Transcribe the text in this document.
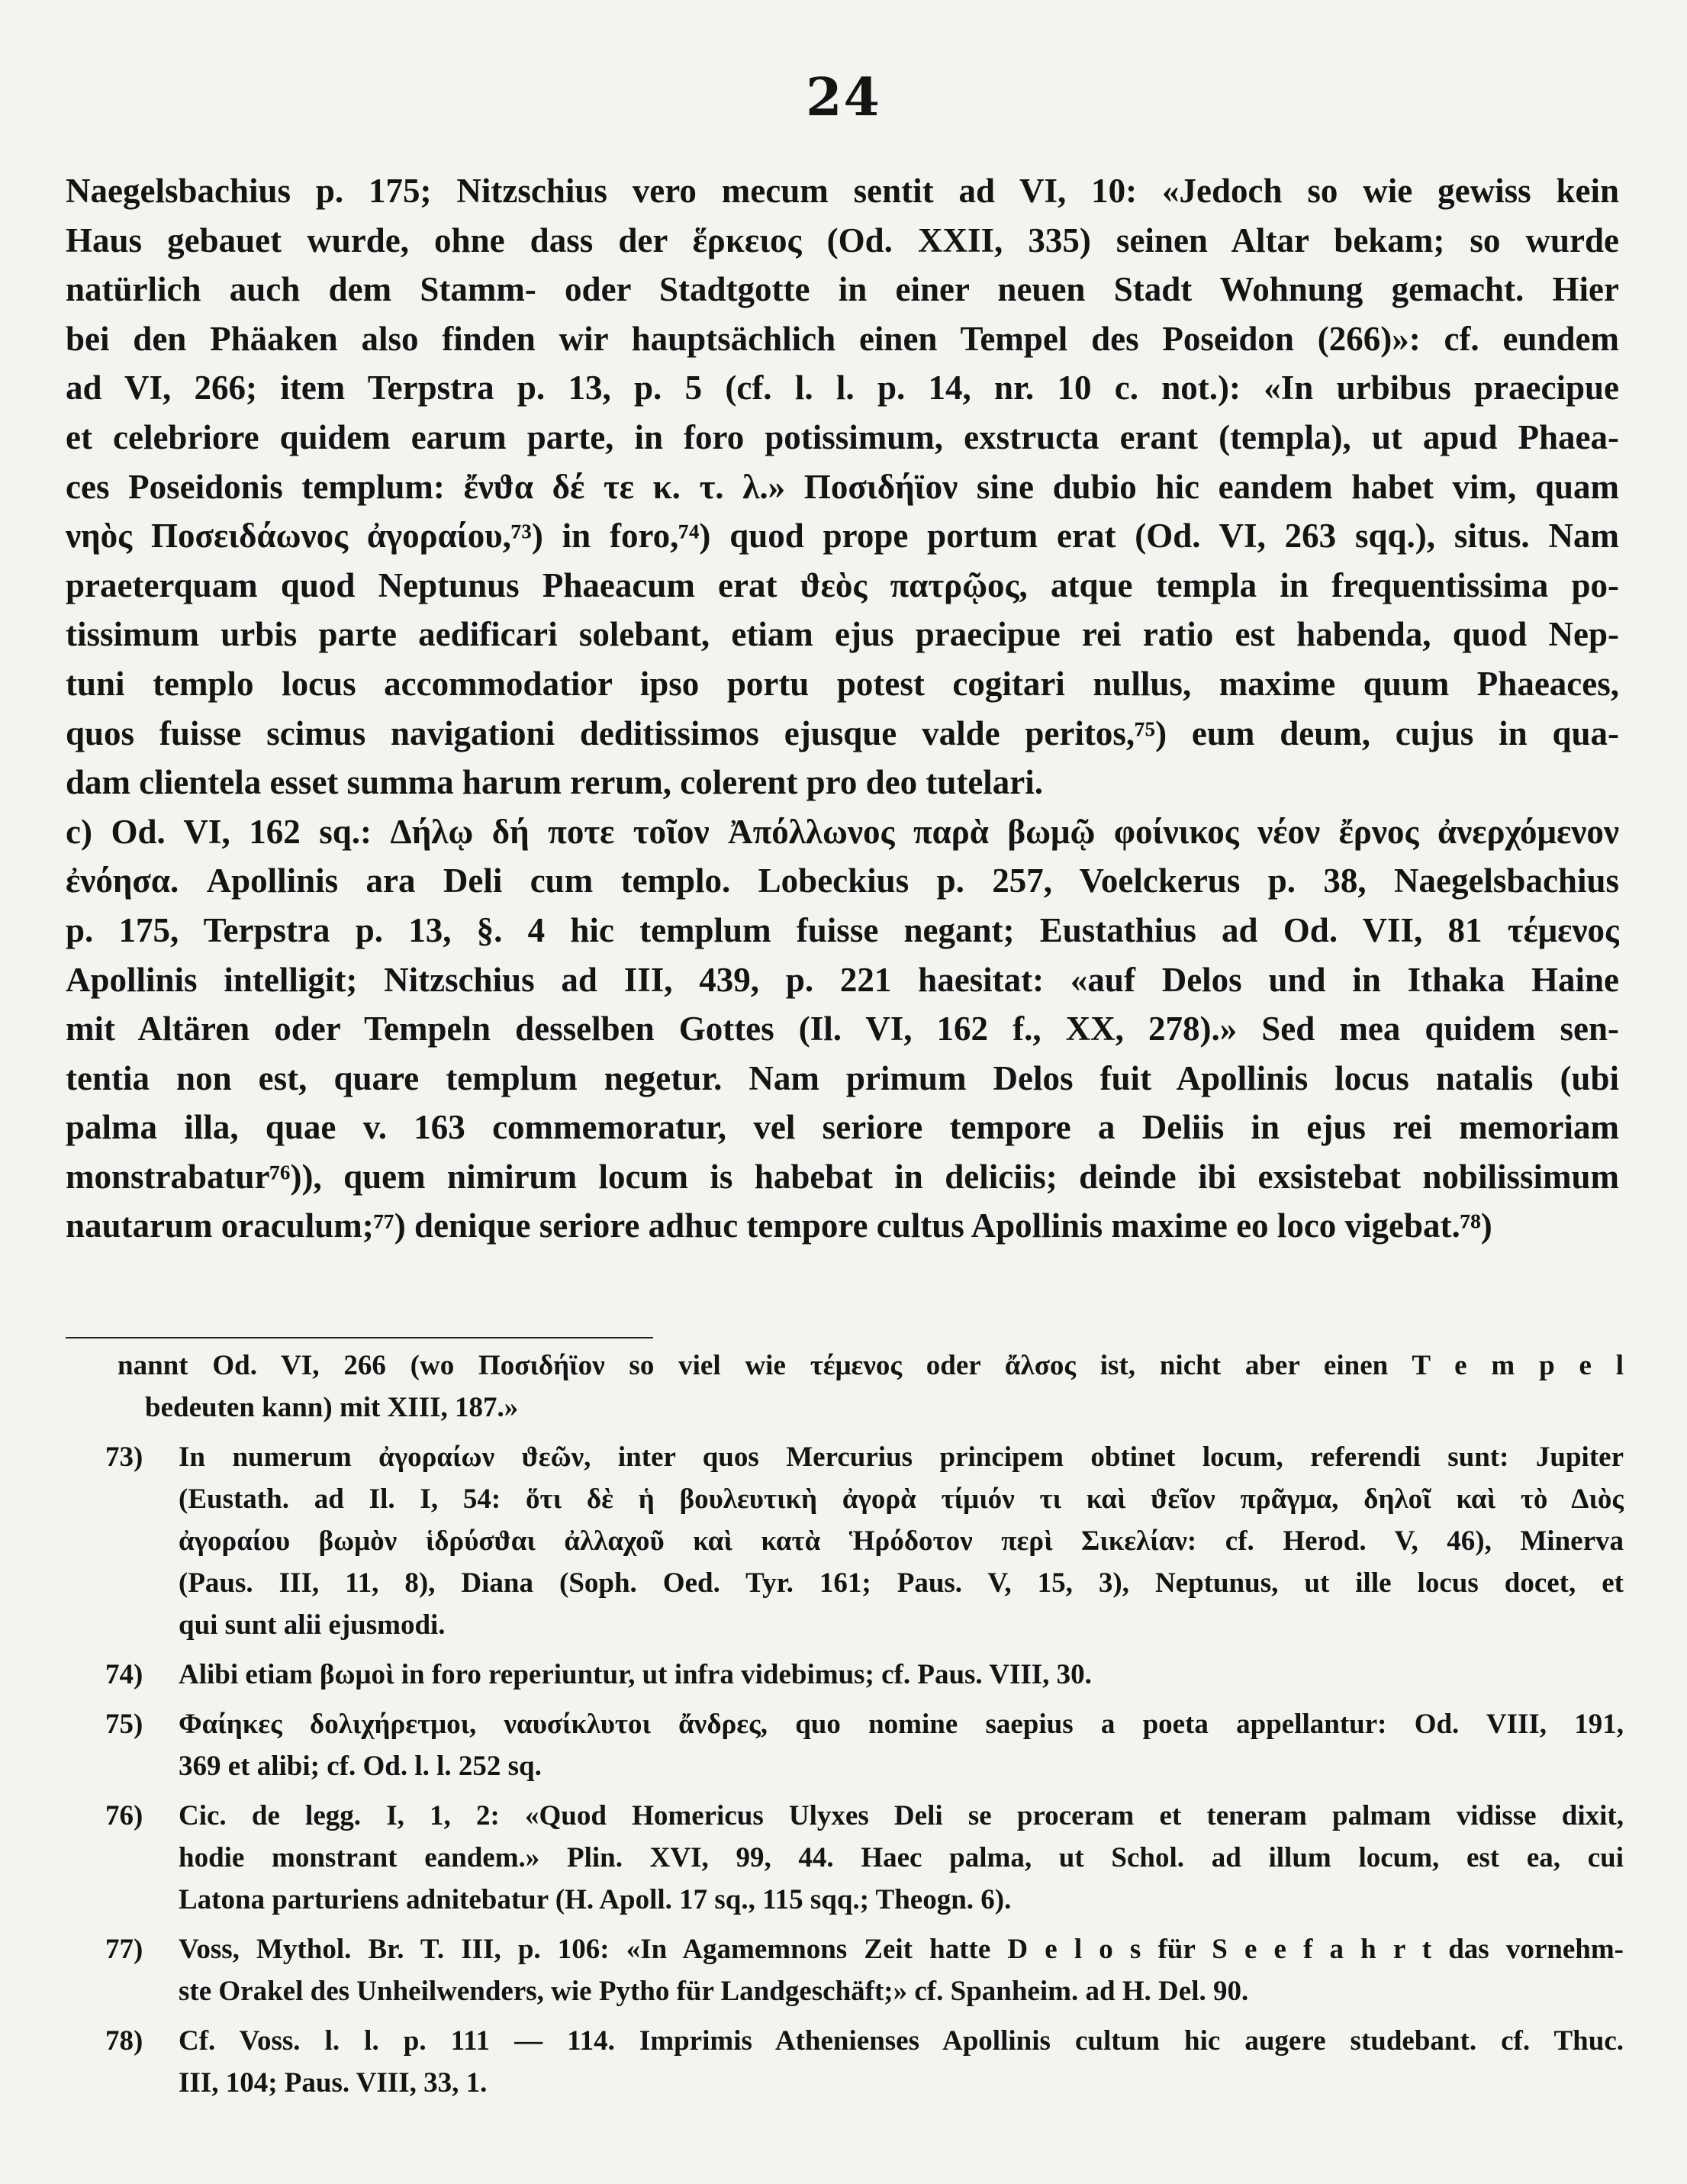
24
Naegelsbachius p. 175; Nitzschius vero mecum sentit ad VI, 10: «Jedoch so wie gewiss kein
Haus gebauet wurde, ohne dass der ἕρκειος (Od. XXII, 335) seinen Altar bekam; so wurde
natürlich auch dem Stamm- oder Stadtgotte in einer neuen Stadt Wohnung gemacht. Hier
bei den Phäaken also finden wir hauptsächlich einen Tempel des Poseidon (266)»: cf. eundem
ad VI, 266; item Terpstra p. 13, p. 5 (cf. l. l. p. 14, nr. 10 c. not.): «In urbibus praecipue
et celebriore quidem earum parte, in foro potissimum, exstructa erant (templa), ut apud Phaea-
ces Poseidonis templum: ἔνϑα δέ τε κ. τ. λ.» Ποσιδήϊον sine dubio hic eandem habet vim, quam
νηὸς Ποσειδάωνος ἀγοραίου,⁷³) in foro,⁷⁴) quod prope portum erat (Od. VI, 263 sqq.), situs. Nam
praeterquam quod Neptunus Phaeacum erat ϑεὸς πατρῷος, atque templa in frequentissima po-
tissimum urbis parte aedificari solebant, etiam ejus praecipue rei ratio est habenda, quod Nep-
tuni templo locus accommodatior ipso portu potest cogitari nullus, maxime quum Phaeaces,
quos fuisse scimus navigationi deditissimos ejusque valde peritos,⁷⁵) eum deum, cujus in qua-
dam clientela esset summa harum rerum, colerent pro deo tutelari.
c) Od. VI, 162 sq.: Δήλῳ δή ποτε τοῖον Ἀπόλλωνος παρὰ βωμῷ φοίνικος νέον ἔρνος ἀνερχόμενον
ἐνόησα. Apollinis ara Deli cum templo. Lobeckius p. 257, Voelckerus p. 38, Naegelsbachius
p. 175, Terpstra p. 13, §. 4 hic templum fuisse negant; Eustathius ad Od. VII, 81 τέμενος
Apollinis intelligit; Nitzschius ad III, 439, p. 221 haesitat: «auf Delos und in Ithaka Haine
mit Altären oder Tempeln desselben Gottes (Il. VI, 162 f., XX, 278).» Sed mea quidem sen-
tentia non est, quare templum negetur. Nam primum Delos fuit Apollinis locus natalis (ubi
palma illa, quae v. 163 commemoratur, vel seriore tempore a Deliis in ejus rei memoriam
monstrabatur⁷⁶)), quem nimirum locum is habebat in deliciis; deinde ibi exsistebat nobilissimum
nautarum oraculum;⁷⁷) denique seriore adhuc tempore cultus Apollinis maxime eo loco vigebat.⁷⁸)
nannt Od. VI, 266 (wo Ποσιδήϊον so viel wie τέμενος oder ἄλσος ist, nicht aber einen T e m p e l
bedeuten kann) mit XIII, 187.»
73) In numerum ἀγοραίων ϑεῶν, inter quos Mercurius principem obtinet locum, referendi sunt: Jupiter
(Eustath. ad Il. I, 54: ὅτι δὲ ἡ βουλευτικὴ ἀγορὰ τίμιόν τι καὶ ϑεῖον πρᾶγμα, δηλοῖ καὶ τὸ Διὸς
ἀγοραίου βωμὸν ἱδρύσϑαι ἀλλαχοῦ καὶ κατὰ Ἡρόδοτον περὶ Σικελίαν: cf. Herod. V, 46), Minerva
(Paus. III, 11, 8), Diana (Soph. Oed. Tyr. 161; Paus. V, 15, 3), Neptunus, ut ille locus docet, et
qui sunt alii ejusmodi.
74) Alibi etiam βωμοὶ in foro reperiuntur, ut infra videbimus; cf. Paus. VIII, 30.
75) Φαίηκες δολιχήρετμοι, ναυσίκλυτοι ἄνδρες, quo nomine saepius a poeta appellantur: Od. VIII, 191,
369 et alibi; cf. Od. l. l. 252 sq.
76) Cic. de legg. I, 1, 2: «Quod Homericus Ulyxes Deli se proceram et teneram palmam vidisse dixit,
hodie monstrant eandem.» Plin. XVI, 99, 44. Haec palma, ut Schol. ad illum locum, est ea, cui
Latona parturiens adnitebatur (H. Apoll. 17 sq., 115 sqq.; Theogn. 6).
77) Voss, Mythol. Br. T. III, p. 106: «In Agamemnons Zeit hatte D e l o s für S e e f a h r t das vornehm-
ste Orakel des Unheilwenders, wie Pytho für Landgeschäft;» cf. Spanheim. ad H. Del. 90.
78) Cf. Voss. l. l. p. 111 — 114. Imprimis Athenienses Apollinis cultum hic augere studebant. cf. Thuc.
III, 104; Paus. VIII, 33, 1.
